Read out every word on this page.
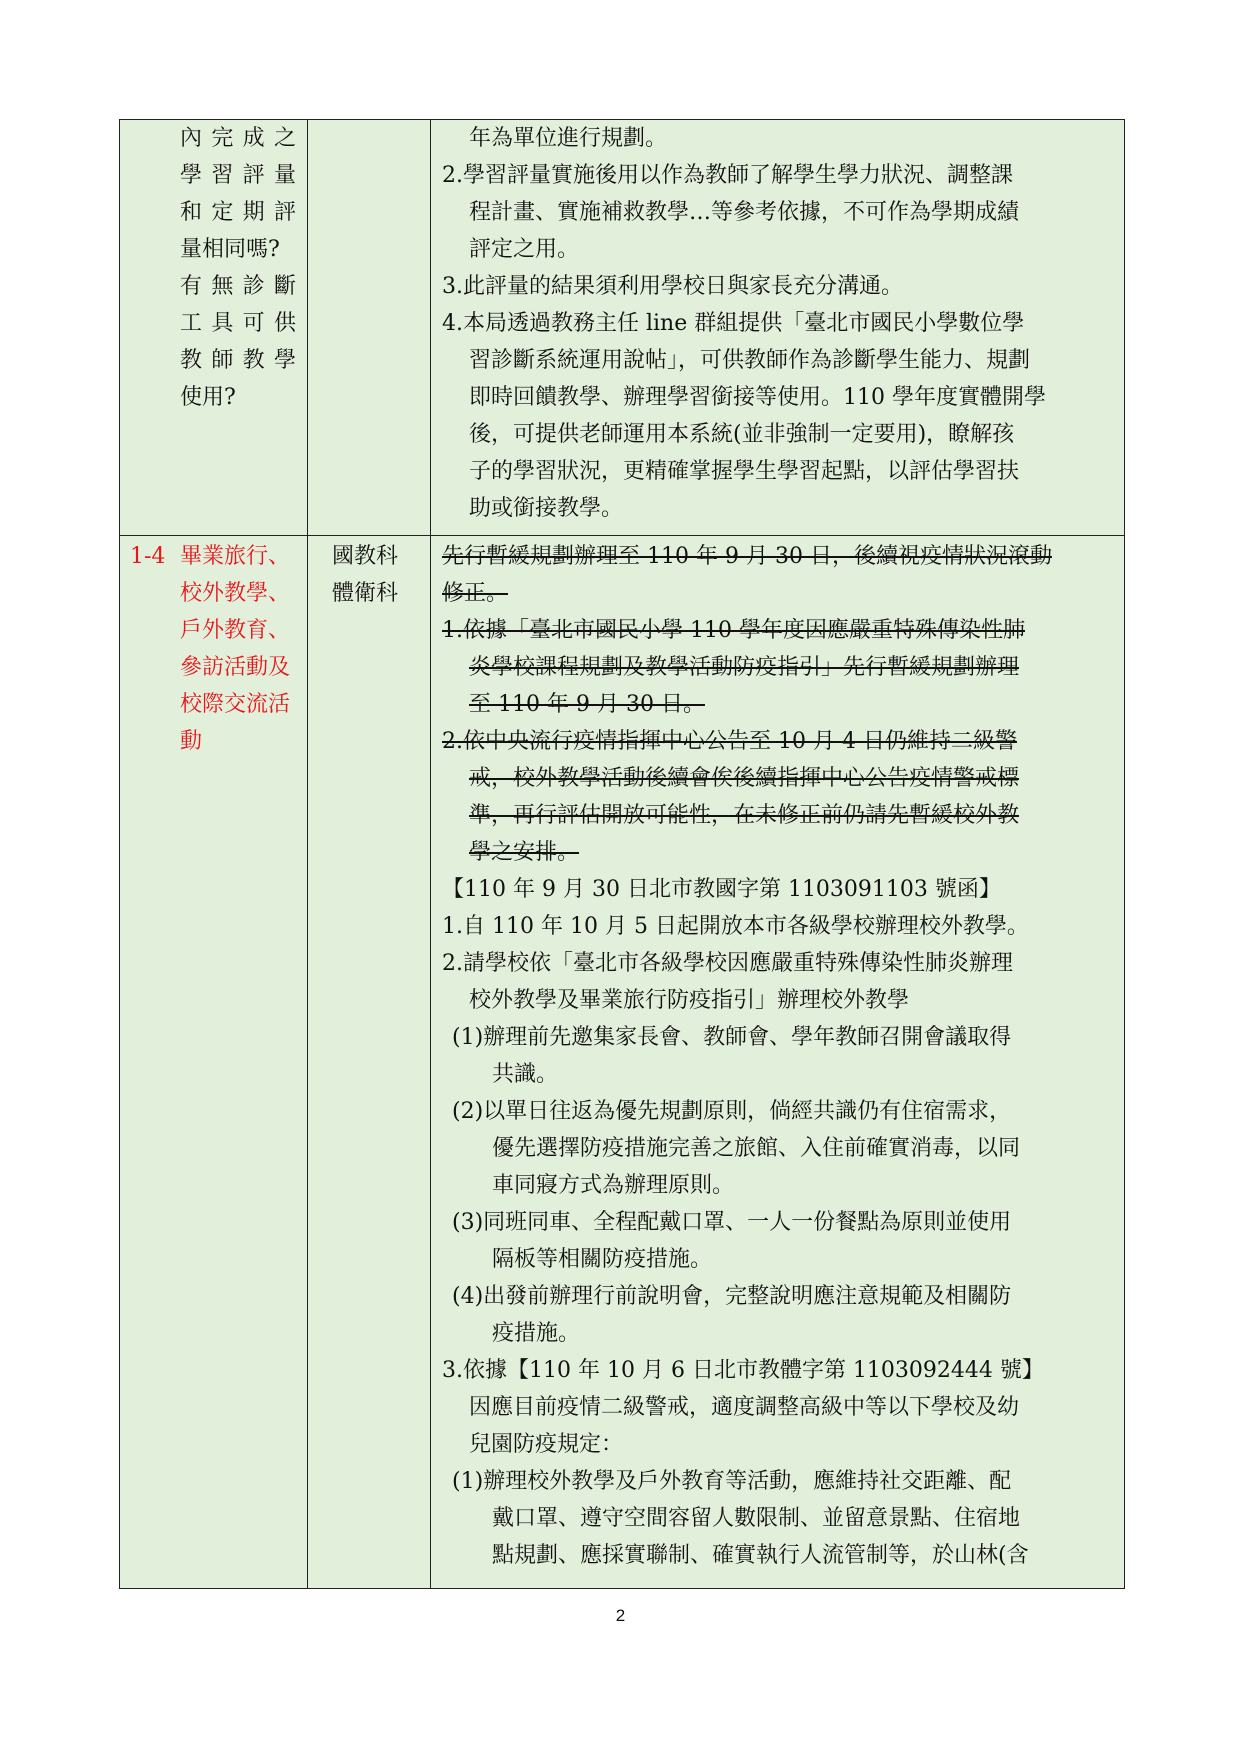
內完成之
學習評量
和定期評
量相同嗎?
有無診斷
工具可供
教師教學
使用?
年為單位進行規劃。
2.學習評量實施後用以作為教師了解學生學力狀況、調整課
程計畫、實施補救教學…等參考依據，不可作為學期成績
評定之用。
3.此評量的結果須利用學校日與家長充分溝通。
4.本局透過教務主任 line 群組提供「臺北市國民小學數位學
習診斷系統運用說帖」，可供教師作為診斷學生能力、規劃
即時回饋教學、辦理學習銜接等使用。110 學年度實體開學
後，可提供老師運用本系統(並非強制一定要用)，瞭解孩
子的學習狀況，更精確掌握學生學習起點，以評估學習扶
助或銜接教學。
1-4 畢業旅行、
校外教學、
戶外教育、
參訪活動及
校際交流活
動
國教科
體衛科
先行暫緩規劃辦理至 110 年 9 月 30 日，後續視疫情狀況滾動
修正。
1.依據「臺北市國民小學 110 學年度因應嚴重特殊傳染性肺
炎學校課程規劃及教學活動防疫指引」先行暫緩規劃辦理
至 110 年 9 月 30 日。
2.依中央流行疫情指揮中心公告至 10 月 4 日仍維持二級警
戒，校外教學活動後續會俟後續指揮中心公告疫情警戒標
準，再行評估開放可能性，在未修正前仍請先暫緩校外教
學之安排。
【110 年 9 月 30 日北市教國字第 1103091103 號函】
1.自 110 年 10 月 5 日起開放本市各級學校辦理校外教學。
2.請學校依「臺北市各級學校因應嚴重特殊傳染性肺炎辦理
校外教學及畢業旅行防疫指引」辦理校外教學
(1)辦理前先邀集家長會、教師會、學年教師召開會議取得
共識。
(2)以單日往返為優先規劃原則，倘經共識仍有住宿需求，
優先選擇防疫措施完善之旅館、入住前確實消毒，以同
車同寢方式為辦理原則。
(3)同班同車、全程配戴口罩、一人一份餐點為原則並使用
隔板等相關防疫措施。
(4)出發前辦理行前說明會，完整說明應注意規範及相關防
疫措施。
3.依據【110 年 10 月 6 日北市教體字第 1103092444 號】
因應目前疫情二級警戒，適度調整高級中等以下學校及幼
兒園防疫規定：
(1)辦理校外教學及戶外教育等活動，應維持社交距離、配
戴口罩、遵守空間容留人數限制、並留意景點、住宿地
點規劃、應採實聯制、確實執行人流管制等，於山林(含
2
